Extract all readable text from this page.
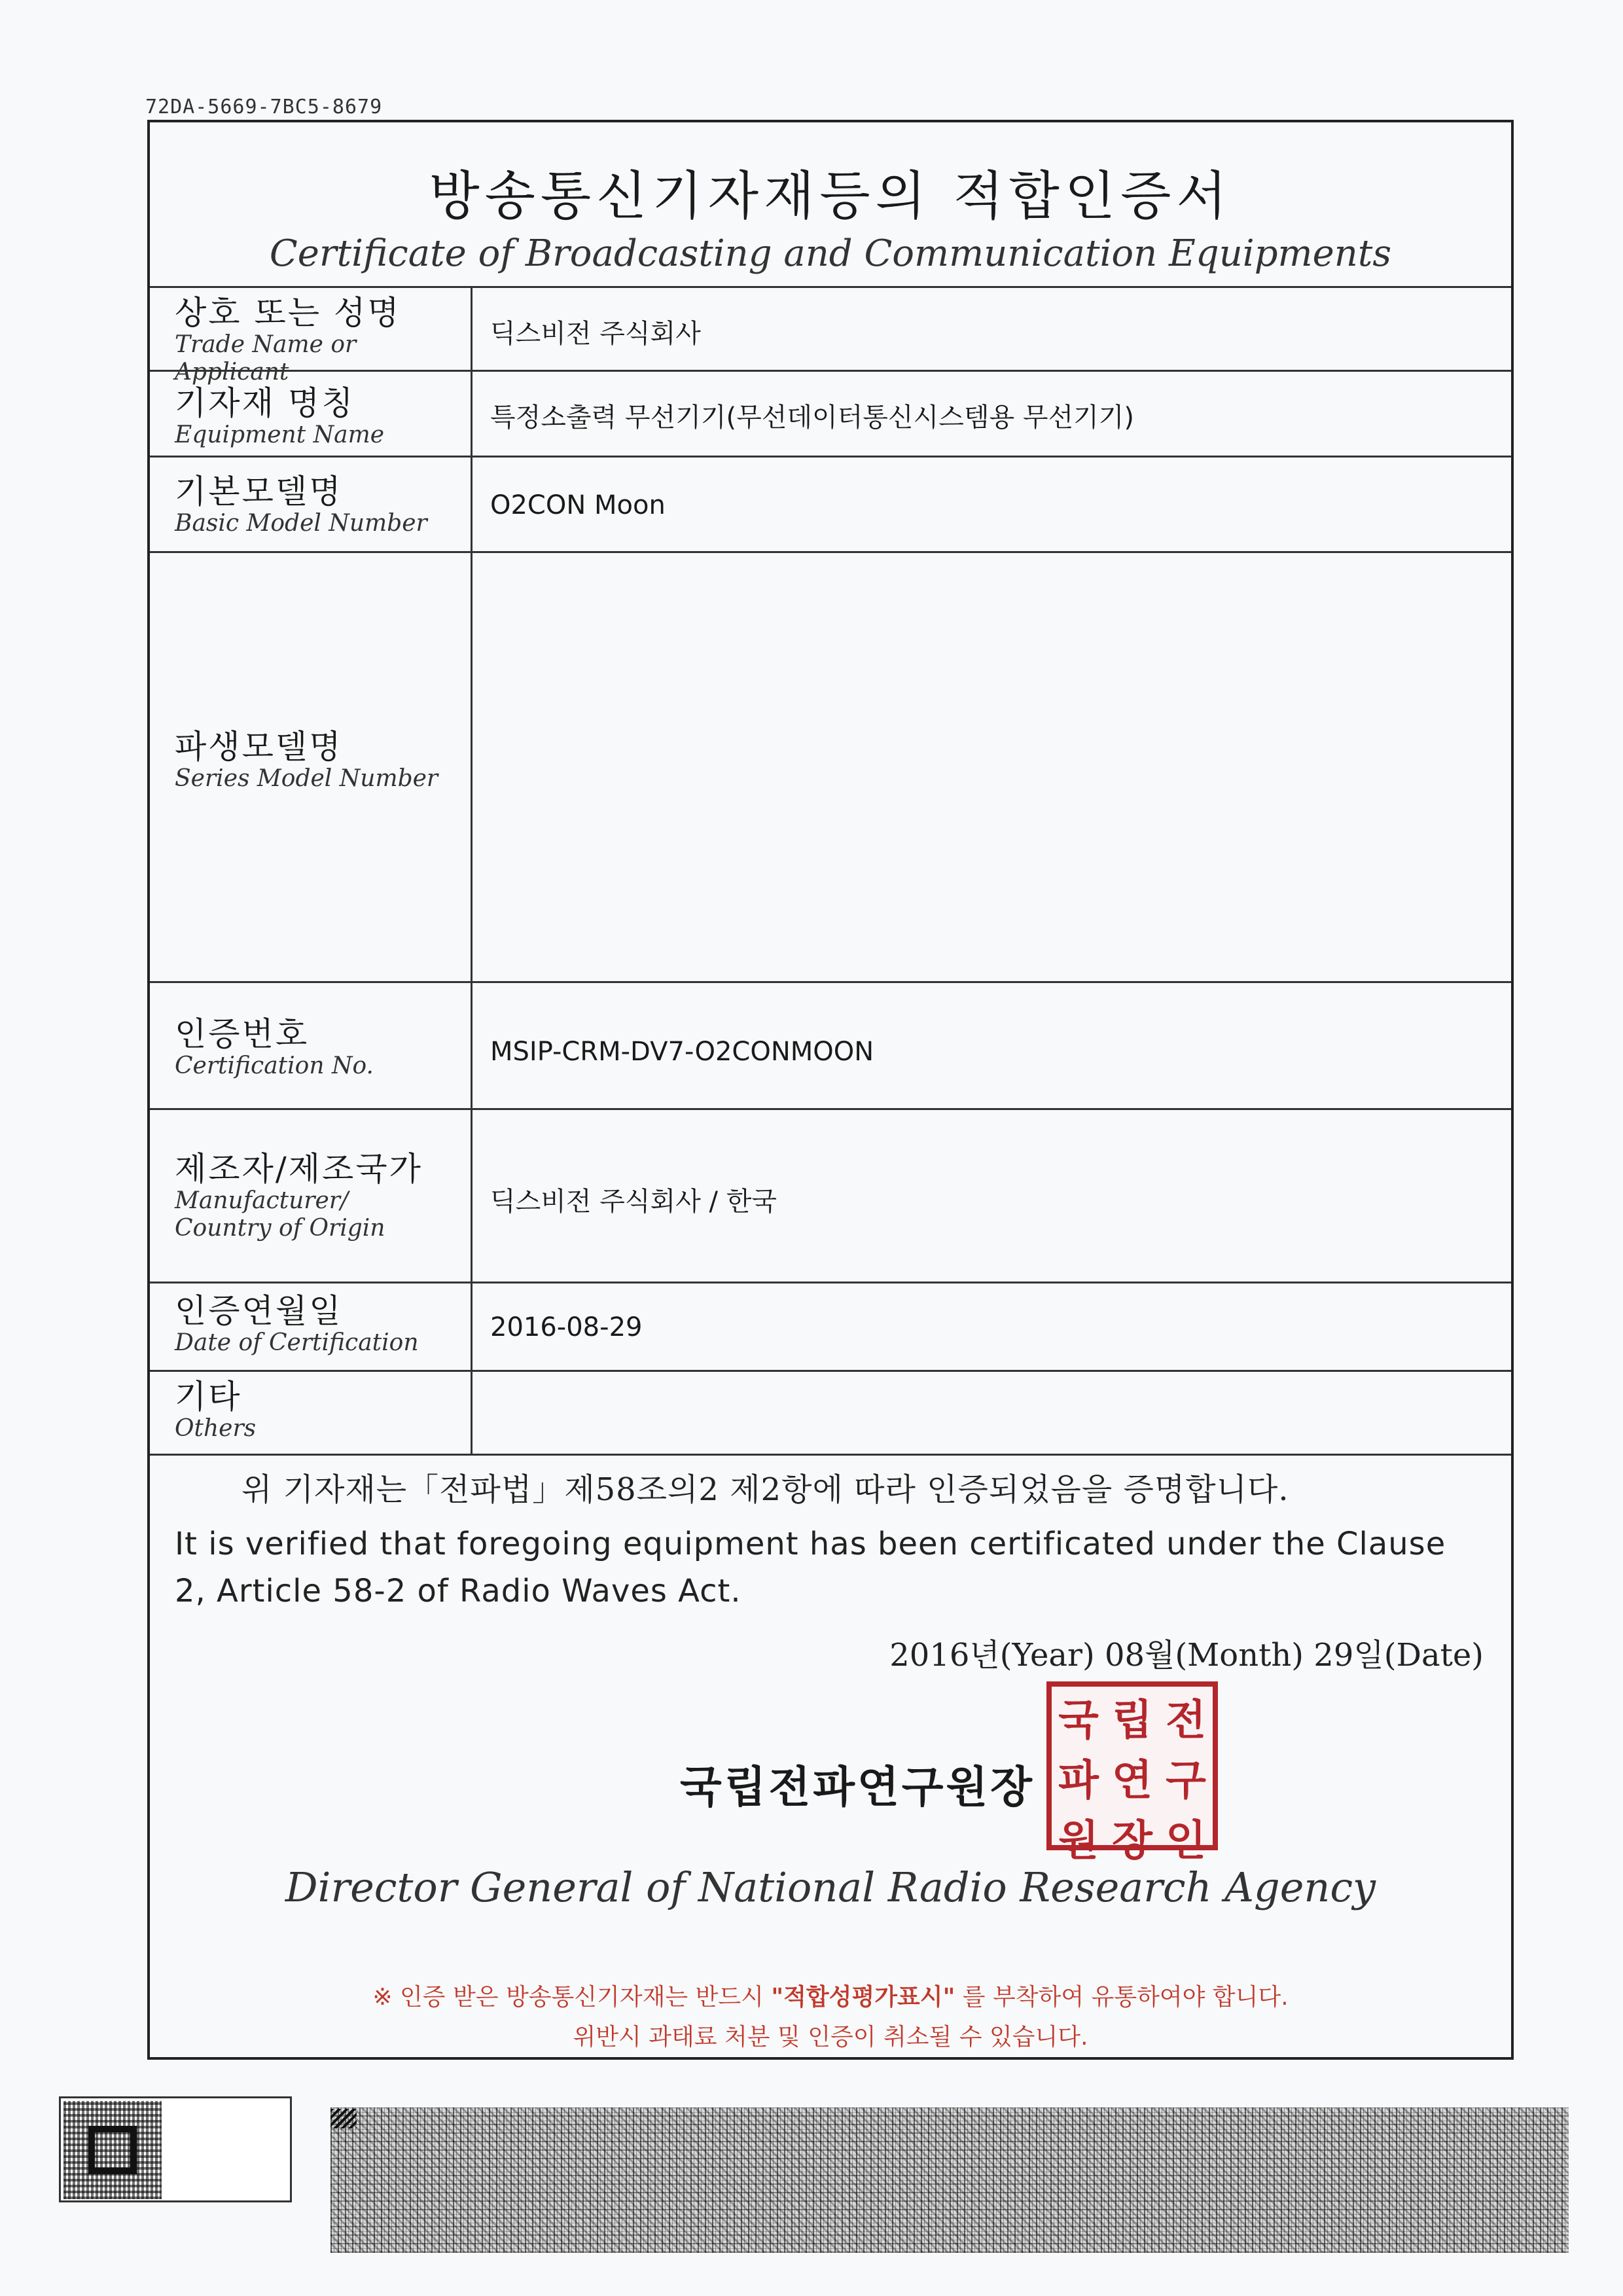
72DA-5669-7BC5-8679
방송통신기자재등의 적합인증서
Certificate of Broadcasting and Communication Equipments
상호 또는 성명
Trade Name or Applicant
딕스비전 주식회사
기자재 명칭
Equipment Name
특정소출력 무선기기(무선데이터통신시스템용 무선기기)
기본모델명
Basic Model Number
O2CON Moon
파생모델명
Series Model Number
인증번호
Certification No.	MSIP-CRM-DV7-O2CONMOON
제조자/제조국가
Manufacturer/
Country of Origin
딕스비전 주식회사 / 한국
인증연월일
Date of Certification
2016-08-29
기타
Others
위 기자재는「전파법」제58조의2 제2항에 따라 인증되었음을 증명합니다.
It is verified that foregoing equipment has been certificated under the Clause 2, Article 58-2 of Radio Waves Act.
2016년(Year) 08월(Month) 29일(Date)
국립전파연구원장
국 립 전
파 연 구
원 장 인
Director General of National Radio Research Agency
※ 인증 받은 방송통신기자재는 반드시 "적합성평가표시" 를 부착하여 유통하여야 합니다.
위반시 과태료 처분 및 인증이 취소될 수 있습니다.
